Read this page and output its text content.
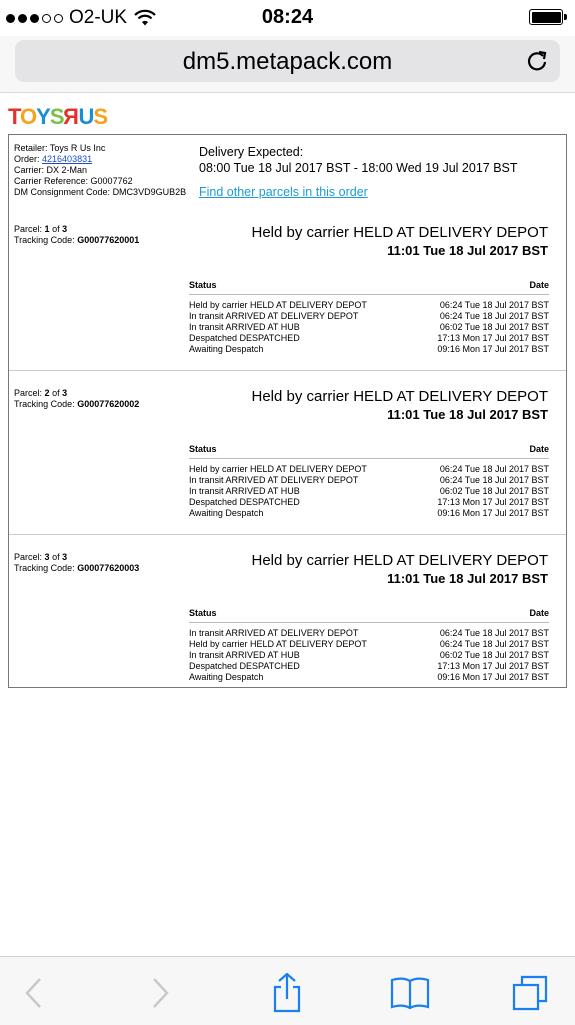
O2-UK	08:24
dm5.metapack.com
TOYSRUS
Retailer: Toys R Us Inc
Order: 4216403831
Carrier: DX 2-Man
Carrier Reference: G0007762
DM Consignment Code: DMC3VD9GUB2B
Delivery Expected:
08:00 Tue 18 Jul 2017 BST - 18:00 Wed 19 Jul 2017 BST
Find other parcels in this order
Parcel: 1 of 3
Tracking Code: G00077620001	Held by carrier HELD AT DELIVERY DEPOT
11:01 Tue 18 Jul 2017 BST
Status	Date
Held by carrier HELD AT DELIVERY DEPOT	06:24 Tue 18 Jul 2017 BST
In transit ARRIVED AT DELIVERY DEPOT	06:24 Tue 18 Jul 2017 BST
In transit ARRIVED AT HUB	06:02 Tue 18 Jul 2017 BST
Despatched DESPATCHED	17:13 Mon 17 Jul 2017 BST
Awaiting Despatch	09:16 Mon 17 Jul 2017 BST
Parcel: 2 of 3
Tracking Code: G00077620002	Held by carrier HELD AT DELIVERY DEPOT
11:01 Tue 18 Jul 2017 BST
Status	Date
Held by carrier HELD AT DELIVERY DEPOT	06:24 Tue 18 Jul 2017 BST
In transit ARRIVED AT DELIVERY DEPOT	06:24 Tue 18 Jul 2017 BST
In transit ARRIVED AT HUB	06:02 Tue 18 Jul 2017 BST
Despatched DESPATCHED	17:13 Mon 17 Jul 2017 BST
Awaiting Despatch	09:16 Mon 17 Jul 2017 BST
Parcel: 3 of 3
Tracking Code: G00077620003	Held by carrier HELD AT DELIVERY DEPOT
11:01 Tue 18 Jul 2017 BST
Status	Date
In transit ARRIVED AT DELIVERY DEPOT	06:24 Tue 18 Jul 2017 BST
Held by carrier HELD AT DELIVERY DEPOT	06:24 Tue 18 Jul 2017 BST
In transit ARRIVED AT HUB	06:02 Tue 18 Jul 2017 BST
Despatched DESPATCHED	17:13 Mon 17 Jul 2017 BST
Awaiting Despatch	09:16 Mon 17 Jul 2017 BST
